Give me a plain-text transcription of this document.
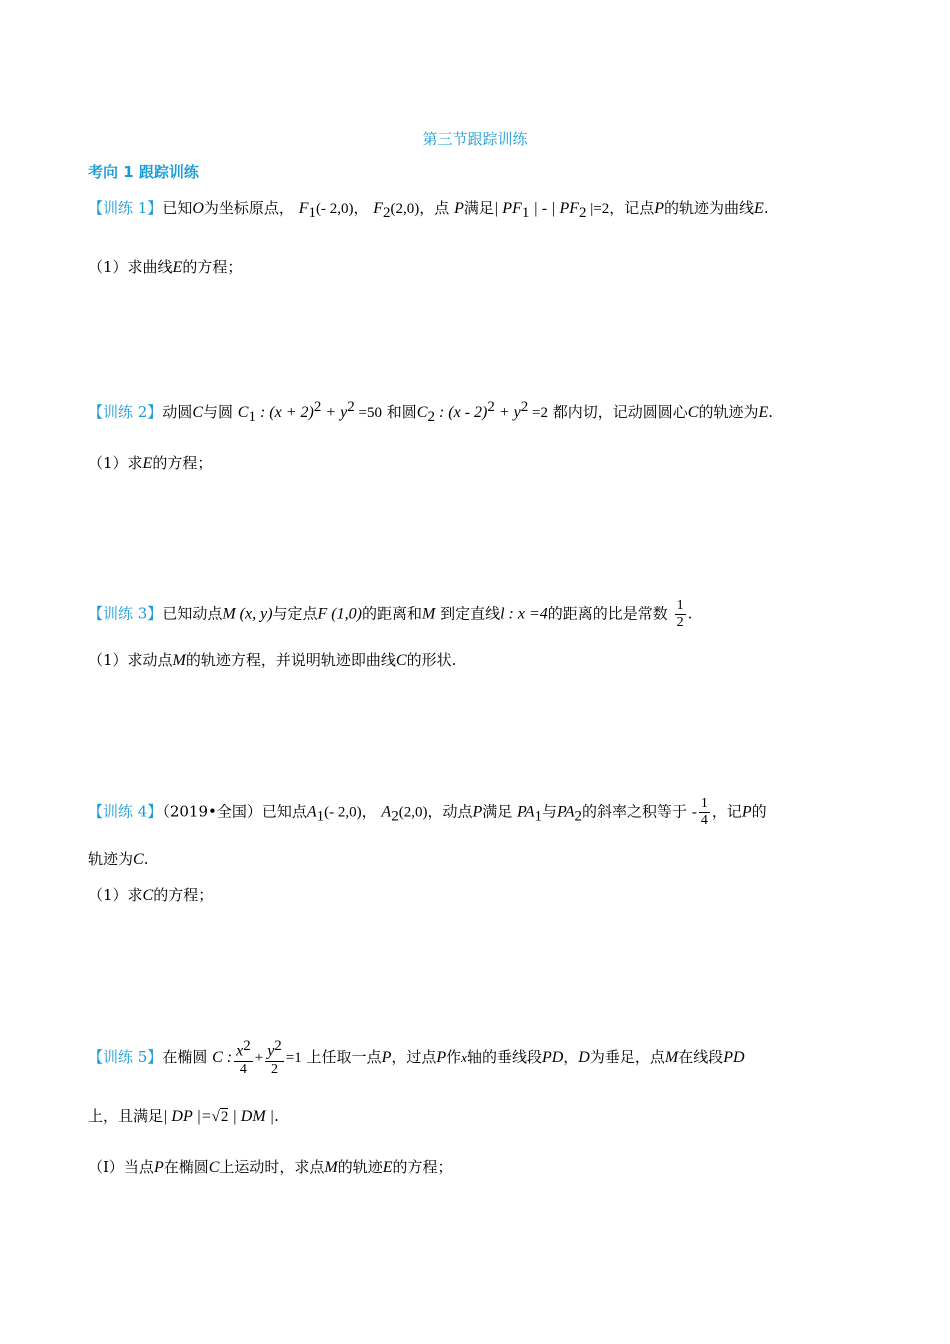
第三节跟踪训练
考向 1 跟踪训练
【训练 1】已知O为坐标原点， $F_1(-$ 2,0)， $F_2(2,0)$，点 P满足| $PF_1$ | - | $PF_2$ |=2，记点P的轨迹为曲线E.
（1）求曲线E的方程；
【训练 2】动圆C与圆 $C_1$ : $(x + 2)^2 + y^2 =50$ 和圆$C_2$ : $(x - 2)^2 + y^2 =2$ 都内切，记动圆圆心C的轨迹为E.
（1）求E的方程；
【训练 3】已知动点M (x, y)与定点F (1,0)的距离和M 到定直线l : x =4的距离的比是常数 $\frac{1}{2}$ .
（1）求动点M的轨迹方程，并说明轨迹即曲线C的形状.
【训练 4】（2019•全国）已知点$A_1(-$ 2,0)， $A_2(2,0)$，动点P满足 $PA_1$与$PA_2$的斜率之积等于 - $\frac{1}{4}$ ，记P的
轨迹为C.
（1）求C的方程；
【训练 5】在椭圆 C : $\frac{x^2}{4} + \frac{y^2}{2} =1$ 上任取一点P，过点P作x轴的垂线段PD，D为垂足，点M在线段PD
上，且满足| DP |=√2 | DM |.
（Ⅰ）当点P在椭圆C上运动时，求点M的轨迹E的方程；
